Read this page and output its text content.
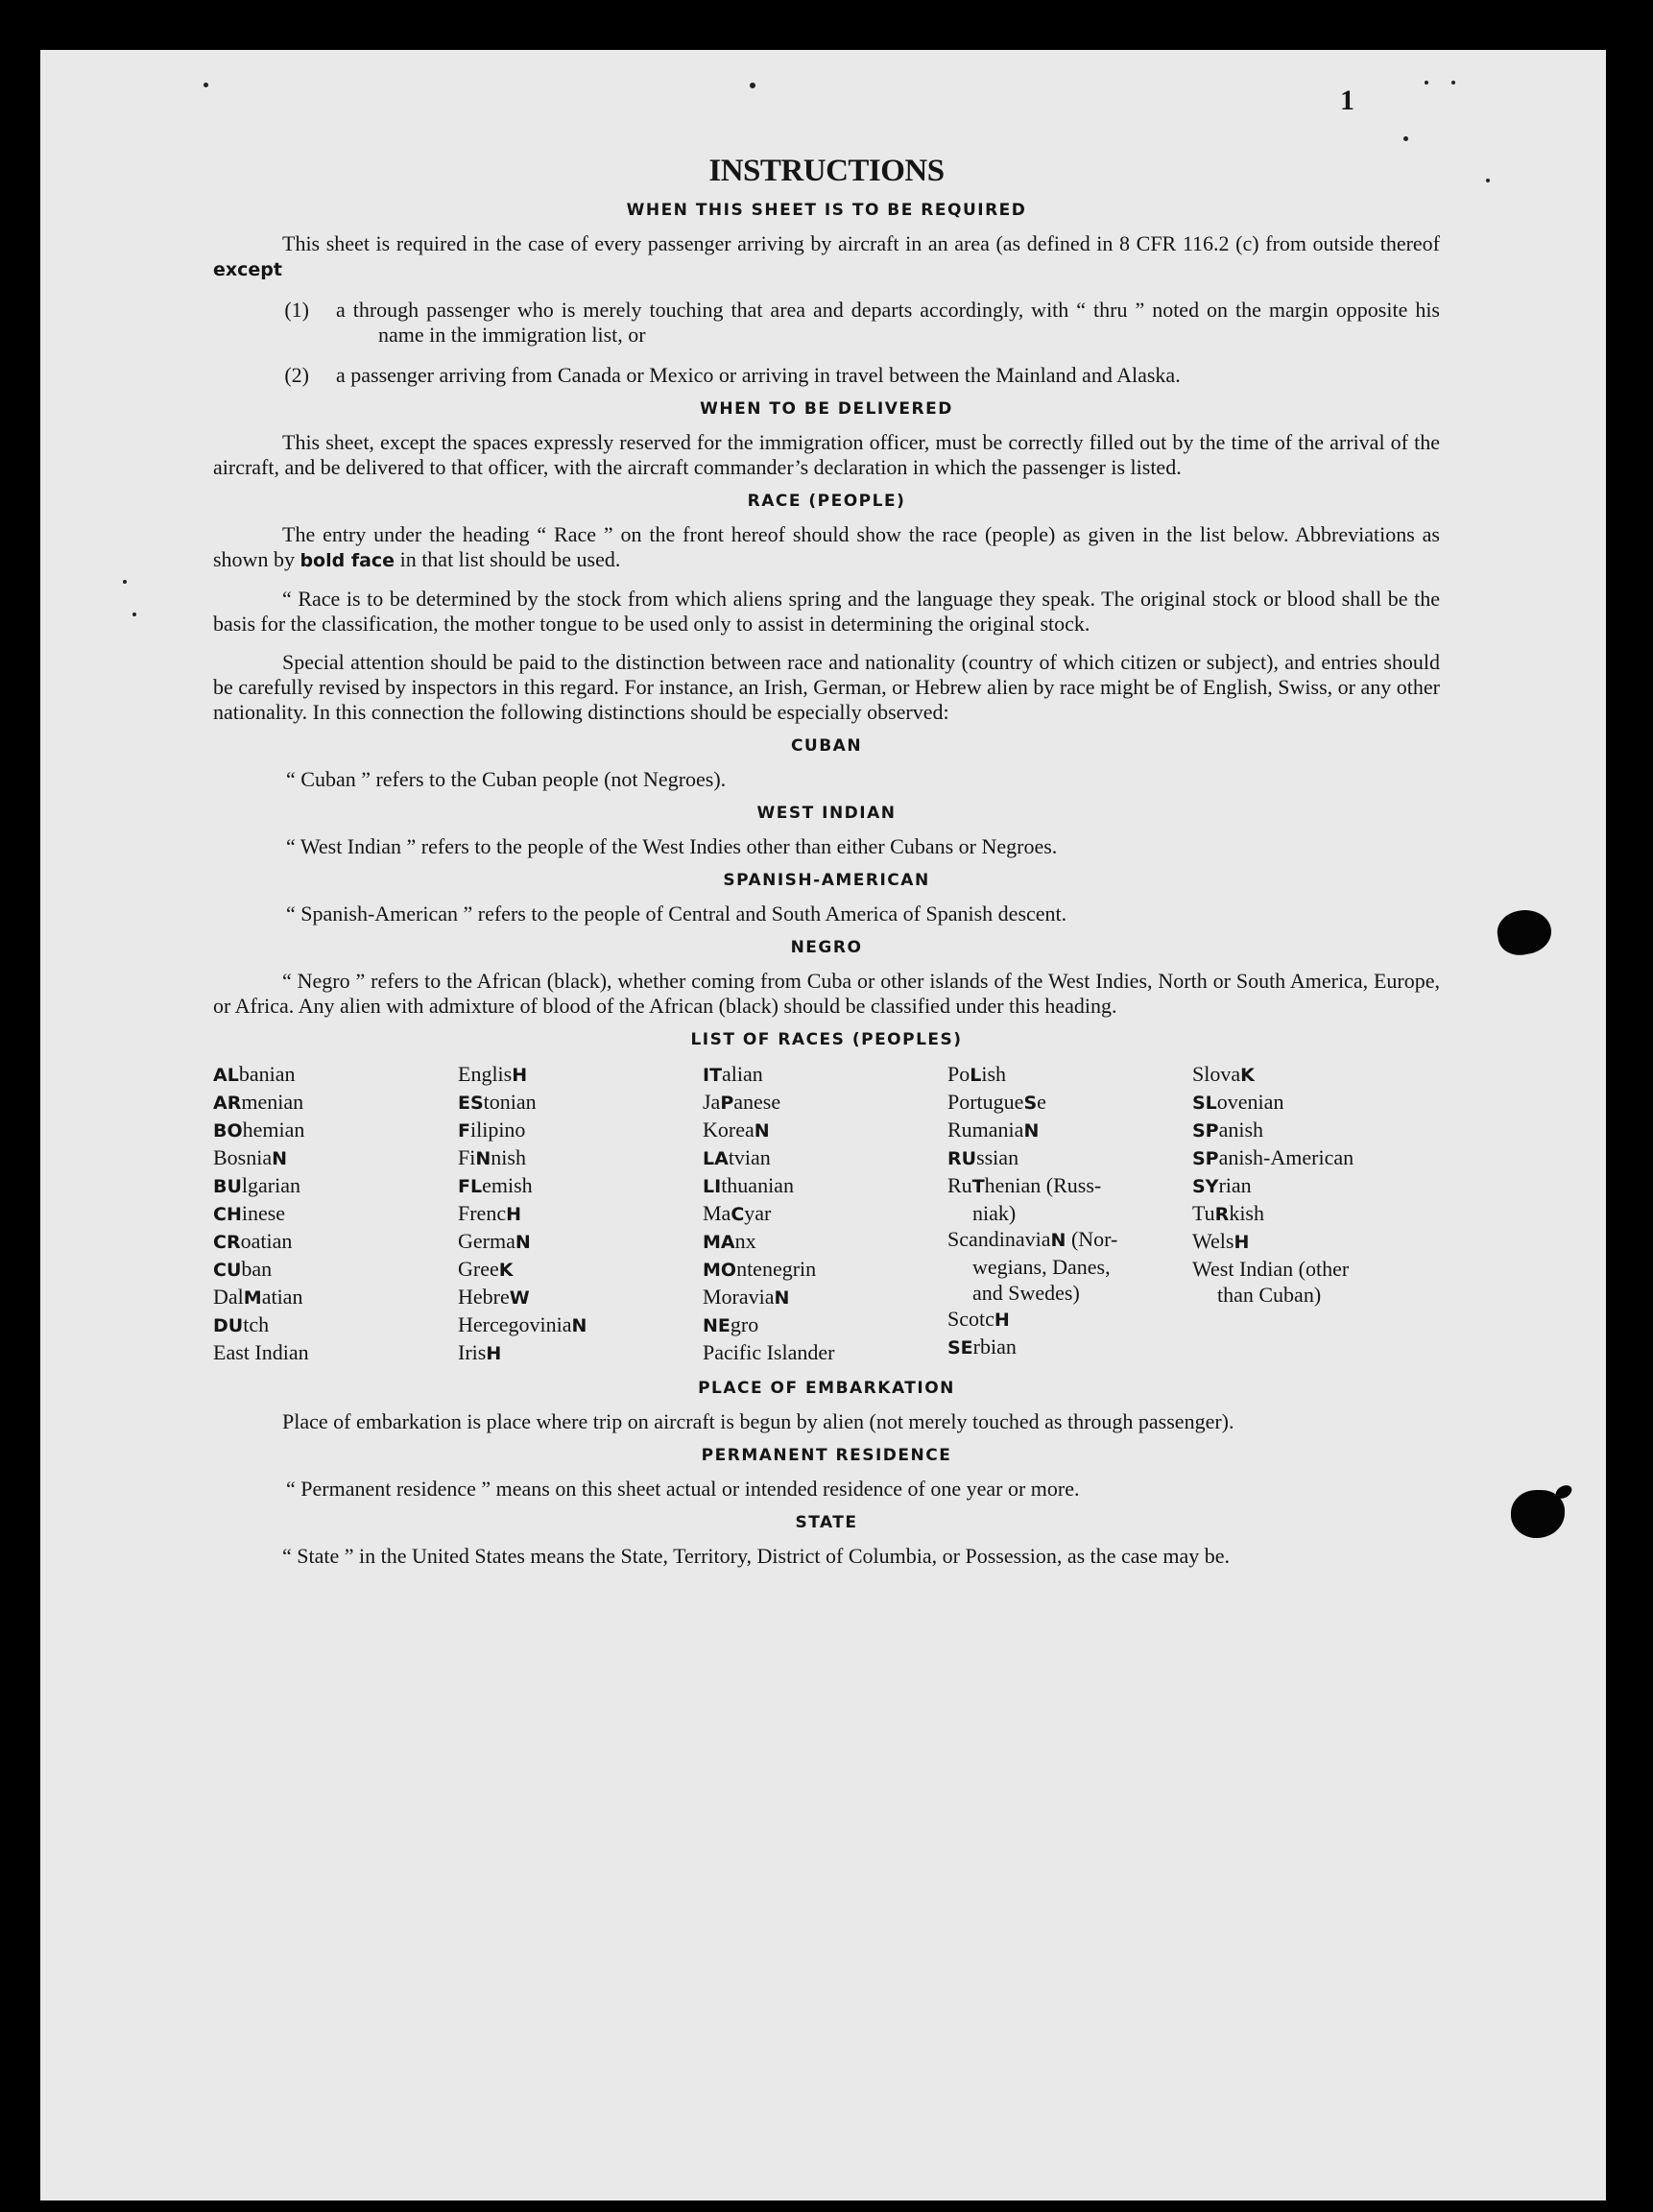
1
INSTRUCTIONS
WHEN THIS SHEET IS TO BE REQUIRED

This sheet is required in the case of every passenger arriving by aircraft in an area (as defined in 8 CFR 116.2 (c) from outside thereof except

(1)	a through passenger who is merely touching that area and departs accordingly, with “ thru ” noted on the margin opposite his name in the immigration list, or

(2)	a passenger arriving from Canada or Mexico or arriving in travel between the Mainland and Alaska.

WHEN TO BE DELIVERED

This sheet, except the spaces expressly reserved for the immigration officer, must be correctly filled out by the time of the arrival of the aircraft, and be delivered to that officer, with the aircraft commander’s declaration in which the passenger is listed.

RACE (PEOPLE)

The entry under the heading “ Race ” on the front hereof should show the race (people) as given in the list below. Abbreviations as shown by bold face in that list should be used.

“ Race is to be determined by the stock from which aliens spring and the language they speak. The original stock or blood shall be the basis for the classification, the mother tongue to be used only to assist in determining the original stock.

Special attention should be paid to the distinction between race and nationality (country of which citizen or subject), and entries should be carefully revised by inspectors in this regard. For instance, an Irish, German, or Hebrew alien by race might be of English, Swiss, or any other nationality. In this connection the following distinctions should be especially observed:

CUBAN

“ Cuban ” refers to the Cuban people (not Negroes).

WEST INDIAN

“ West Indian ” refers to the people of the West Indies other than either Cubans or Negroes.

SPANISH-AMERICAN

“ Spanish-American ” refers to the people of Central and South America of Spanish descent.

NEGRO

“ Negro ” refers to the African (black), whether coming from Cuba or other islands of the West Indies, North or South America, Europe, or Africa. Any alien with admixture of blood of the African (black) should be classified under this heading.

LIST OF RACES (PEOPLES)
ALbanian
ARmenian
BOhemian
BosniaN
BUlgarian
CHinese
CRoatian
CUban
DalMatian
DUtch
East Indian
EnglisH
EStonian
Filipino
FiNnish
FLemish
FrencH
GermaN
GreeK
HebreW
HercegoviniaN
IrisH
ITalian
JaPanese
KoreaN
LAtvian
LIthuanian
MaCyar
MAnx
MOntenegrin
MoraviaN
NEgro
Pacific Islander
PoLish
PortugueSe
RumaniaN
RUssian
RuThenian (Russ-
niak)
ScandinaviaN (Nor-
wegians, Danes,
and Swedes)
ScotcH
SErbian
SlovaK
SLovenian
SPanish
SPanish-American
SYrian
TuRkish
WelsH
West Indian (other
than Cuban)
PLACE OF EMBARKATION

Place of embarkation is place where trip on aircraft is begun by alien (not merely touched as through passenger).

PERMANENT RESIDENCE

“ Permanent residence ” means on this sheet actual or intended residence of one year or more.

STATE

“ State ” in the United States means the State, Territory, District of Columbia, or Possession, as the case may be.
